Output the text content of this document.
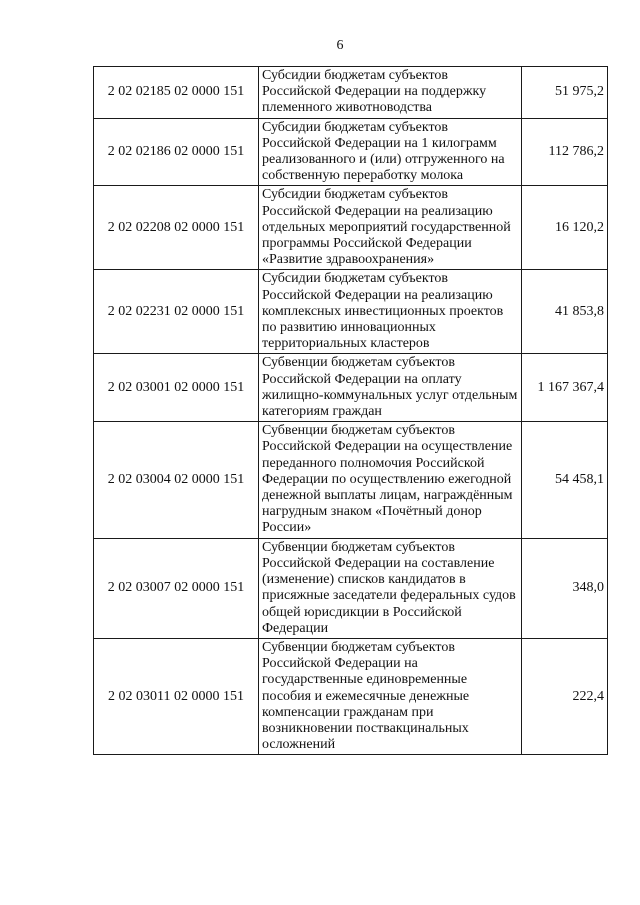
6
2 02 02185 02 0000 151	Субсидии бюджетам субъектов Российской Федерации на поддержку племенного животноводства	51 975,2
2 02 02186 02 0000 151	Субсидии бюджетам субъектов Российской Федерации на 1 килограмм реализованного и (или) отгруженного на собственную переработку молока	112 786,2
2 02 02208 02 0000 151	Субсидии бюджетам субъектов Российской Федерации на реализацию отдельных мероприятий государственной программы Российской Федерации «Развитие здравоохранения»	16 120,2
2 02 02231 02 0000 151	Субсидии бюджетам субъектов Российской Федерации на реализацию комплексных инвестиционных проектов по развитию инновационных территориальных кластеров	41 853,8
2 02 03001 02 0000 151	Субвенции бюджетам субъектов Российской Федерации на оплату жилищно-коммунальных услуг отдельным категориям граждан	1 167 367,4
2 02 03004 02 0000 151	Субвенции бюджетам субъектов Российской Федерации на осуществление переданного полномочия Российской Федерации по осуществлению ежегодной денежной выплаты лицам, награждённым нагрудным знаком «Почётный донор России»	54 458,1
2 02 03007 02 0000 151	Субвенции бюджетам субъектов Российской Федерации на составление (изменение) списков кандидатов в присяжные заседатели федеральных судов общей юрисдикции в Российской Федерации	348,0
2 02 03011 02 0000 151	Субвенции бюджетам субъектов Российской Федерации на государственные единовременные пособия и ежемесячные денежные компенсации гражданам при возникновении поствакцинальных осложнений	222,4
